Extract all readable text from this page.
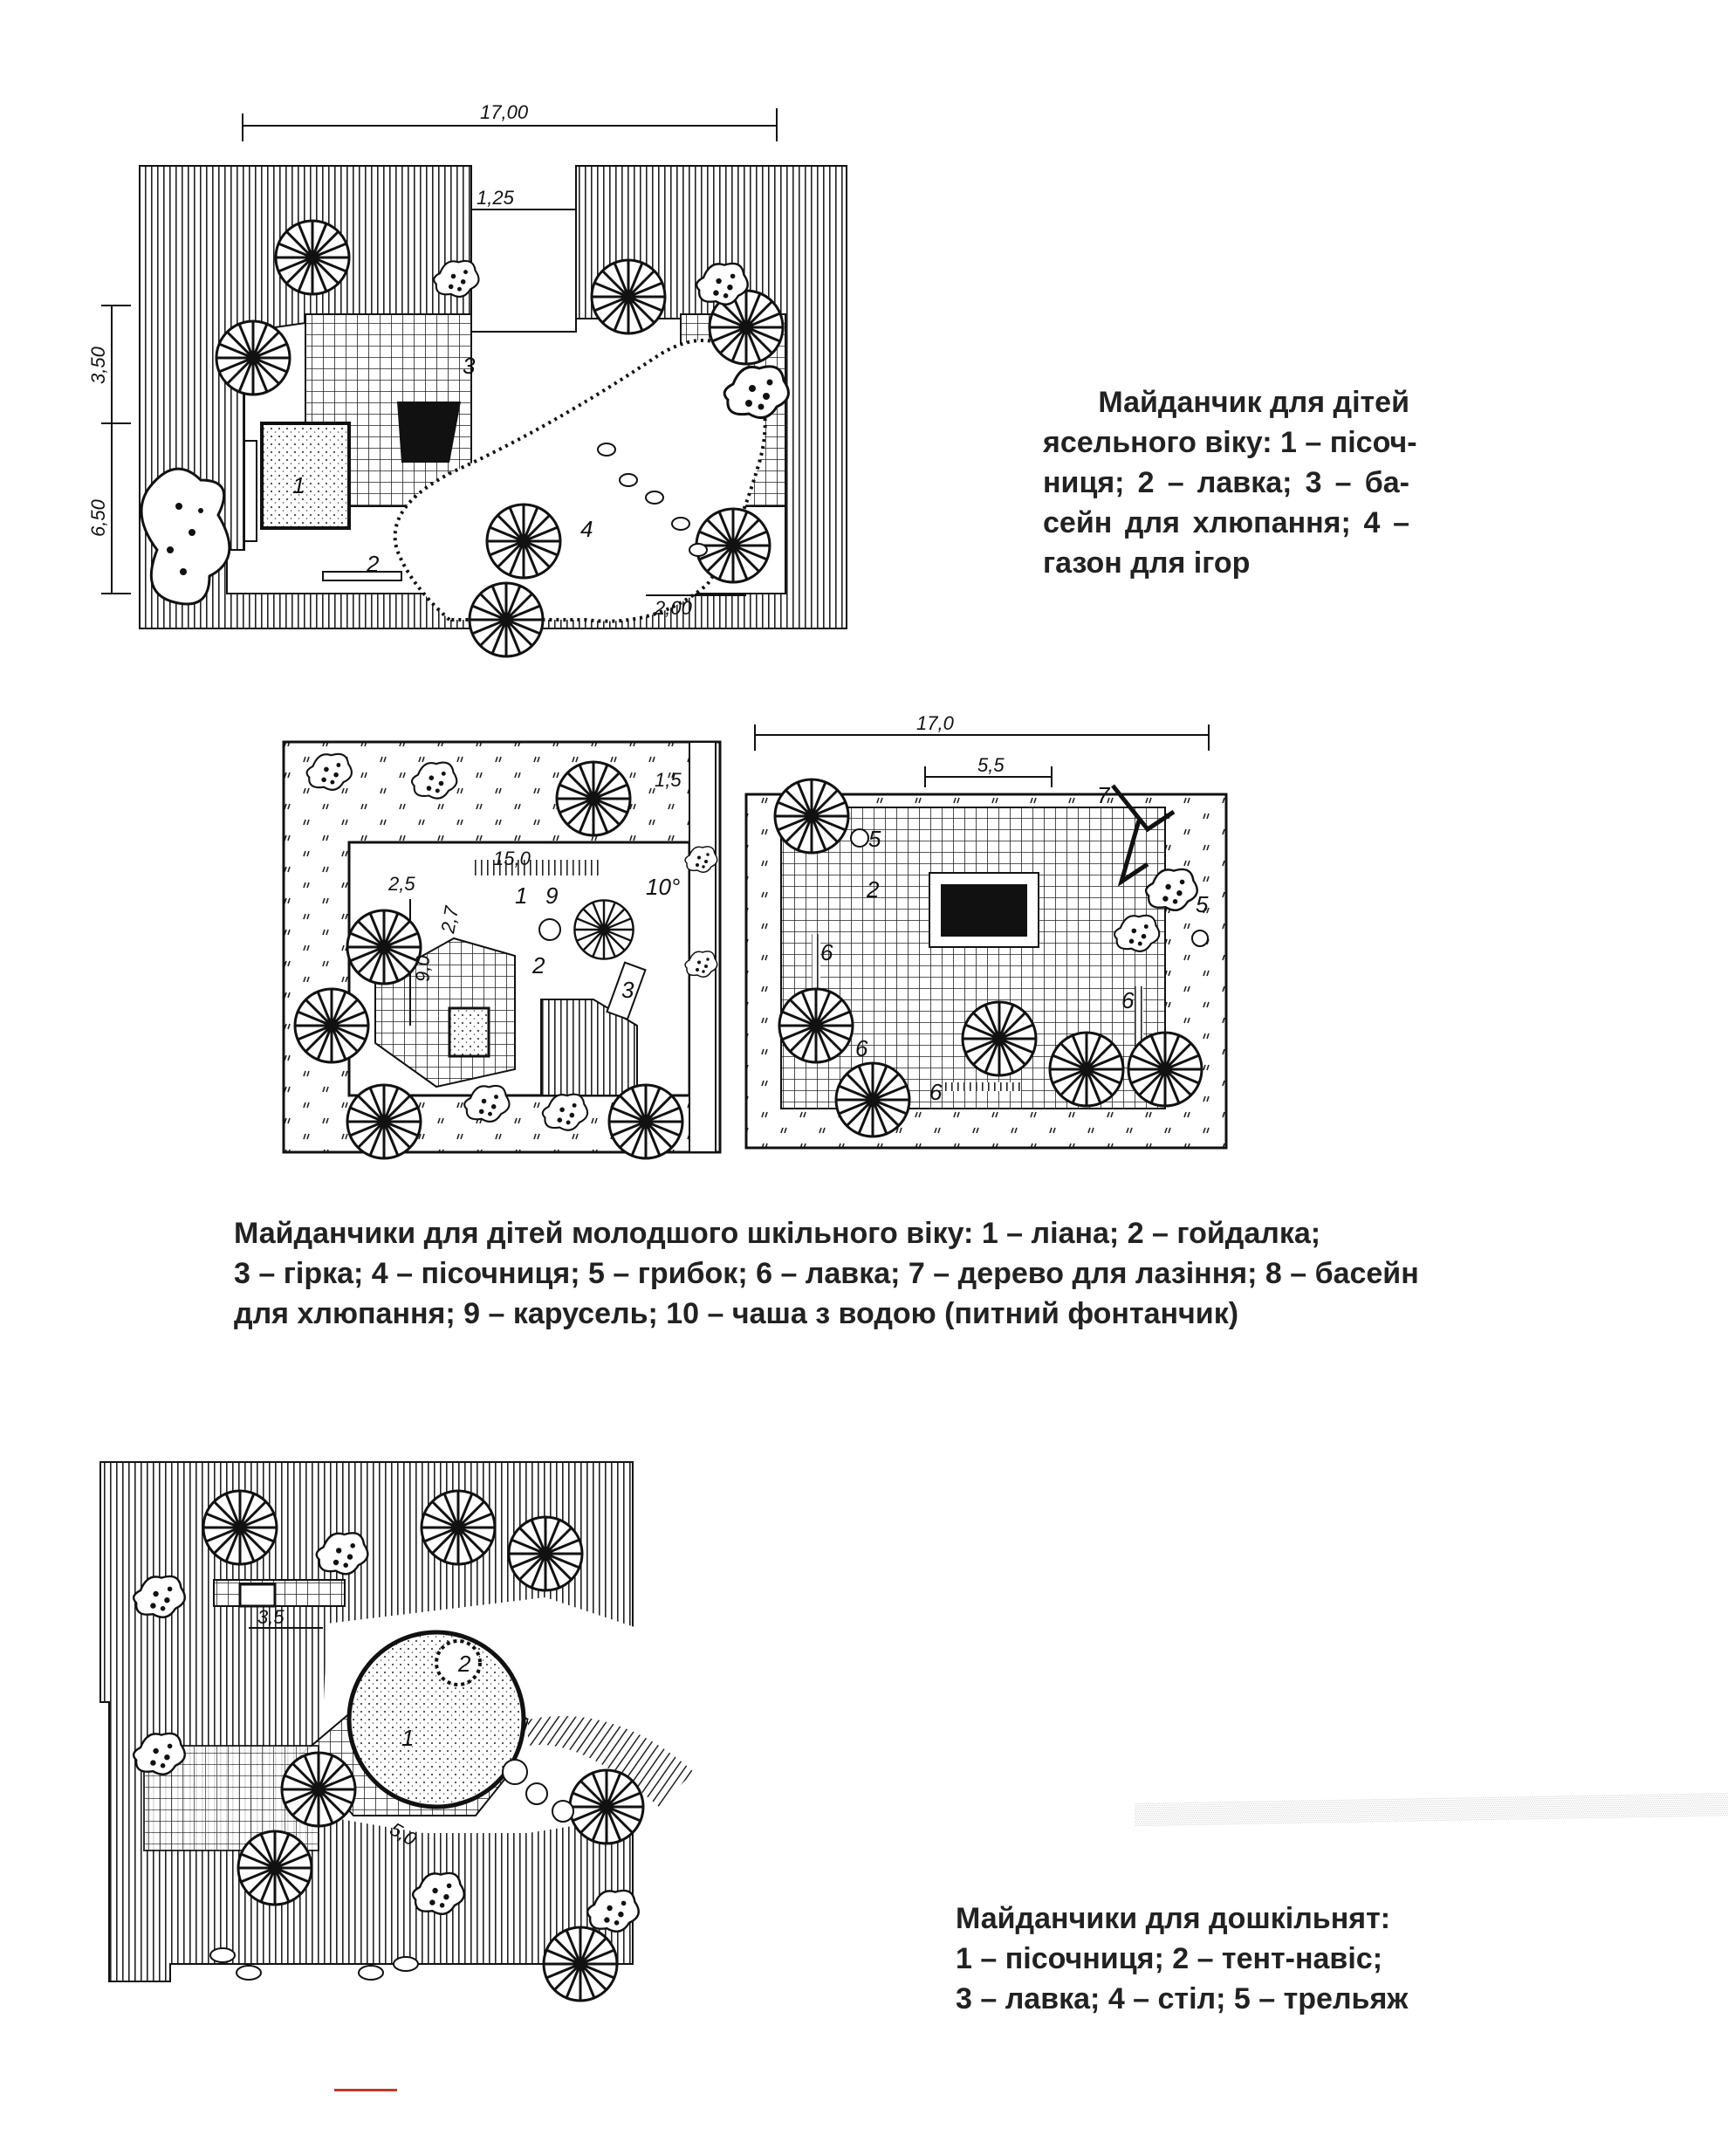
▒▒▒▒▒▒▒▒▒▒▒▒▒▒▒▒▒▒▒▒▒▒▒▒▒▒▒▒▒▒▒▒▒▒▒▒▒▒▒▒
17,00
3,50
6,50
1,25
2,00
1
2
3
4
Майданчик для дітей
ясельного віку: 1 – пісоч-
ниця; 2 – лавка; 3 – ба-
сейн для хлюпання; 4 –
газон для ігор
1,5
15,0
2,5
2,7
9,0
1 9	10°
2
3
17,0
5,5
5
7
6
5
6
6
6
2
Майданчики для дітей молодшого шкільного віку: 1 – ліана; 2 – гойдалка;
3 – гірка; 4 – пісочниця; 5 – грибок; 6 – лавка; 7 – дерево для лазіння; 8 – басейн
для хлюпання; 9 – карусель; 10 – чаша з водою (питний фонтанчик)
3,5
5,0
4
2
1
Майданчики для дошкільнят:
1 – пісочниця; 2 – тент-навіс;
3 – лавка; 4 – стіл; 5 – трельяж
